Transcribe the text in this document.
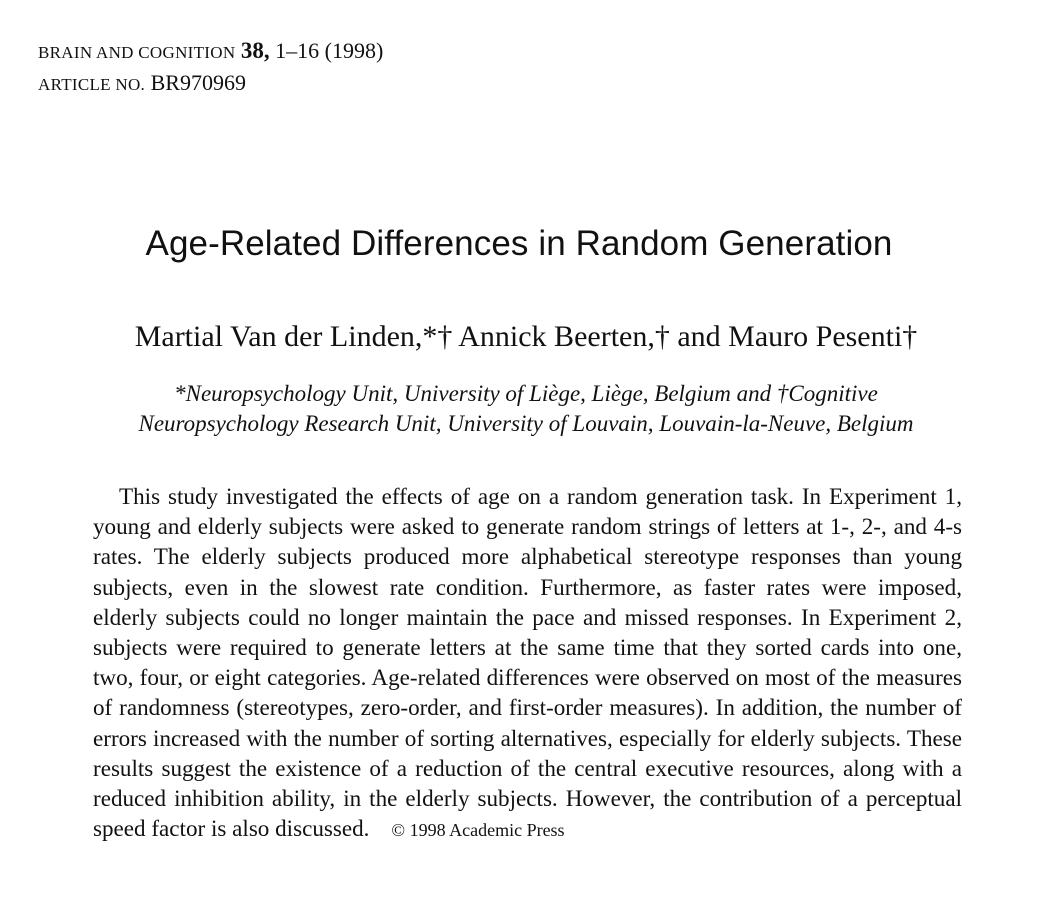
BRAIN AND COGNITION 38, 1–16 (1998)
ARTICLE NO. BR970969
Age-Related Differences in Random Generation
Martial Van der Linden,*† Annick Beerten,† and Mauro Pesenti†
*Neuropsychology Unit, University of Liège, Liège, Belgium and †Cognitive
Neuropsychology Research Unit, University of Louvain, Louvain-la-Neuve, Belgium
This study investigated the effects of age on a random generation task. In Experiment 1, young and elderly subjects were asked to generate random strings of letters at 1-, 2-, and 4-s rates. The elderly subjects produced more alphabetical stereotype responses than young subjects, even in the slowest rate condition. Furthermore, as faster rates were imposed, elderly subjects could no longer maintain the pace and missed responses. In Experiment 2, subjects were required to generate letters at the same time that they sorted cards into one, two, four, or eight categories. Age-related differences were observed on most of the measures of randomness (stereotypes, zero-order, and first-order measures). In addition, the number of errors increased with the number of sorting alternatives, especially for elderly subjects. These results suggest the existence of a reduction of the central executive resources, along with a reduced inhibition ability, in the elderly subjects. However, the contribution of a perceptual speed factor is also discussed. © 1998 Academic Press
